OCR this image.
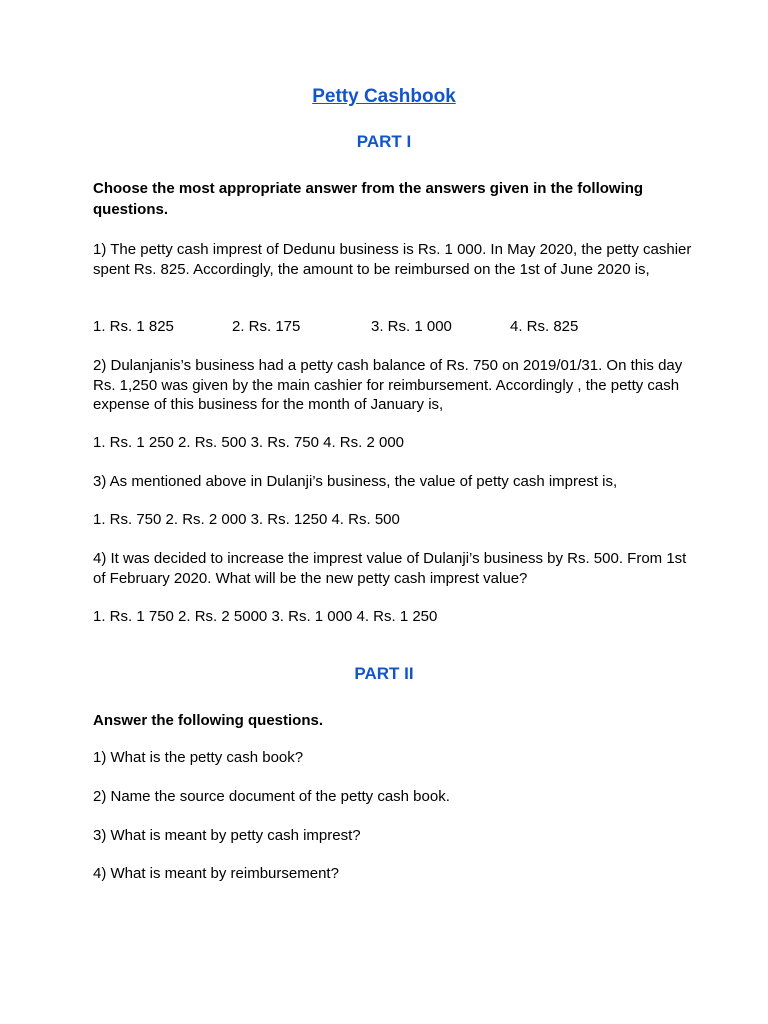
Petty Cashbook
PART I
Choose the most appropriate answer from the answers given in the following questions.
1) The petty cash imprest of Dedunu business is Rs. 1 000. In May 2020, the petty cashier spent Rs. 825. Accordingly, the amount to be reimbursed on the 1st of June 2020 is,
1. Rs. 1 825	2. Rs. 175	3. Rs. 1 000	4. Rs. 825
2) Dulanjanis’s business had a petty cash balance of Rs. 750 on 2019/01/31. On this day Rs. 1,250 was given by the main cashier for reimbursement. Accordingly , the petty cash expense of this business for the month of January is,
1. Rs. 1 250 2. Rs. 500 3. Rs. 750 4. Rs. 2 000
3) As mentioned above in Dulanji’s business, the value of petty cash imprest is,
1. Rs. 750 2. Rs. 2 000 3. Rs. 1250 4. Rs. 500
4) It was decided to increase the imprest value of Dulanji’s business by Rs. 500. From 1st of February 2020. What will be the new petty cash imprest value?
1. Rs. 1 750 2. Rs. 2 5000 3. Rs. 1 000 4. Rs. 1 250
PART II
Answer the following questions.
1) What is the petty cash book?
2) Name the source document of the petty cash book.
3) What is meant by petty cash imprest?
4) What is meant by reimbursement?
